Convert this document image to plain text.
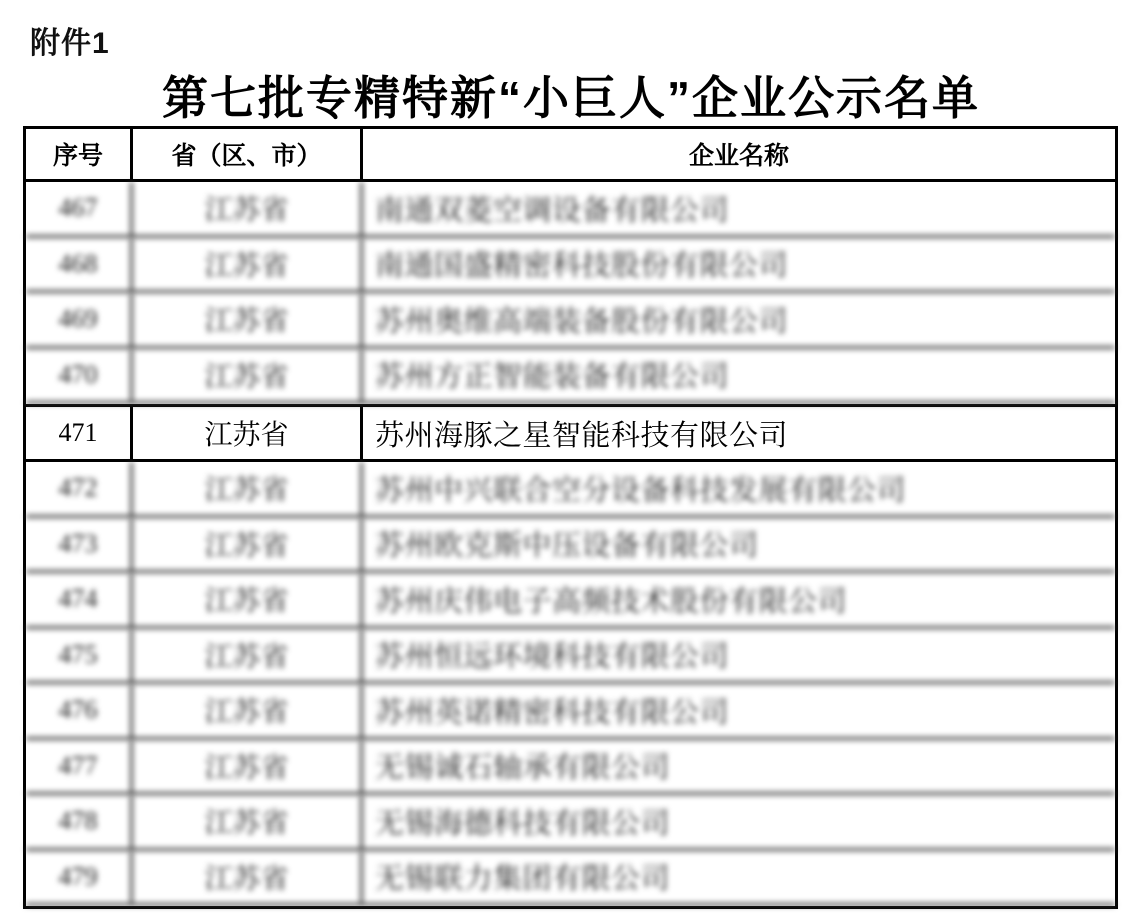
附件1
第七批专精特新“小巨人”企业公示名单
序号	省（区、市）	企业名称
467	江苏省	南通双菱空调设备有限公司
468	江苏省	南通国盛精密科技股份有限公司
469	江苏省	苏州奥维高端装备股份有限公司
470	江苏省	苏州方正智能装备有限公司
471	江苏省	苏州海豚之星智能科技有限公司
472	江苏省	苏州中兴联合空分设备科技发展有限公司
473	江苏省	苏州欧克斯中压设备有限公司
474	江苏省	苏州庆伟电子高频技术股份有限公司
475	江苏省	苏州恒远环境科技有限公司
476	江苏省	苏州英诺精密科技有限公司
477	江苏省	无锡诚石轴承有限公司
478	江苏省	无锡海德科技有限公司
479	江苏省	无锡联力集团有限公司
